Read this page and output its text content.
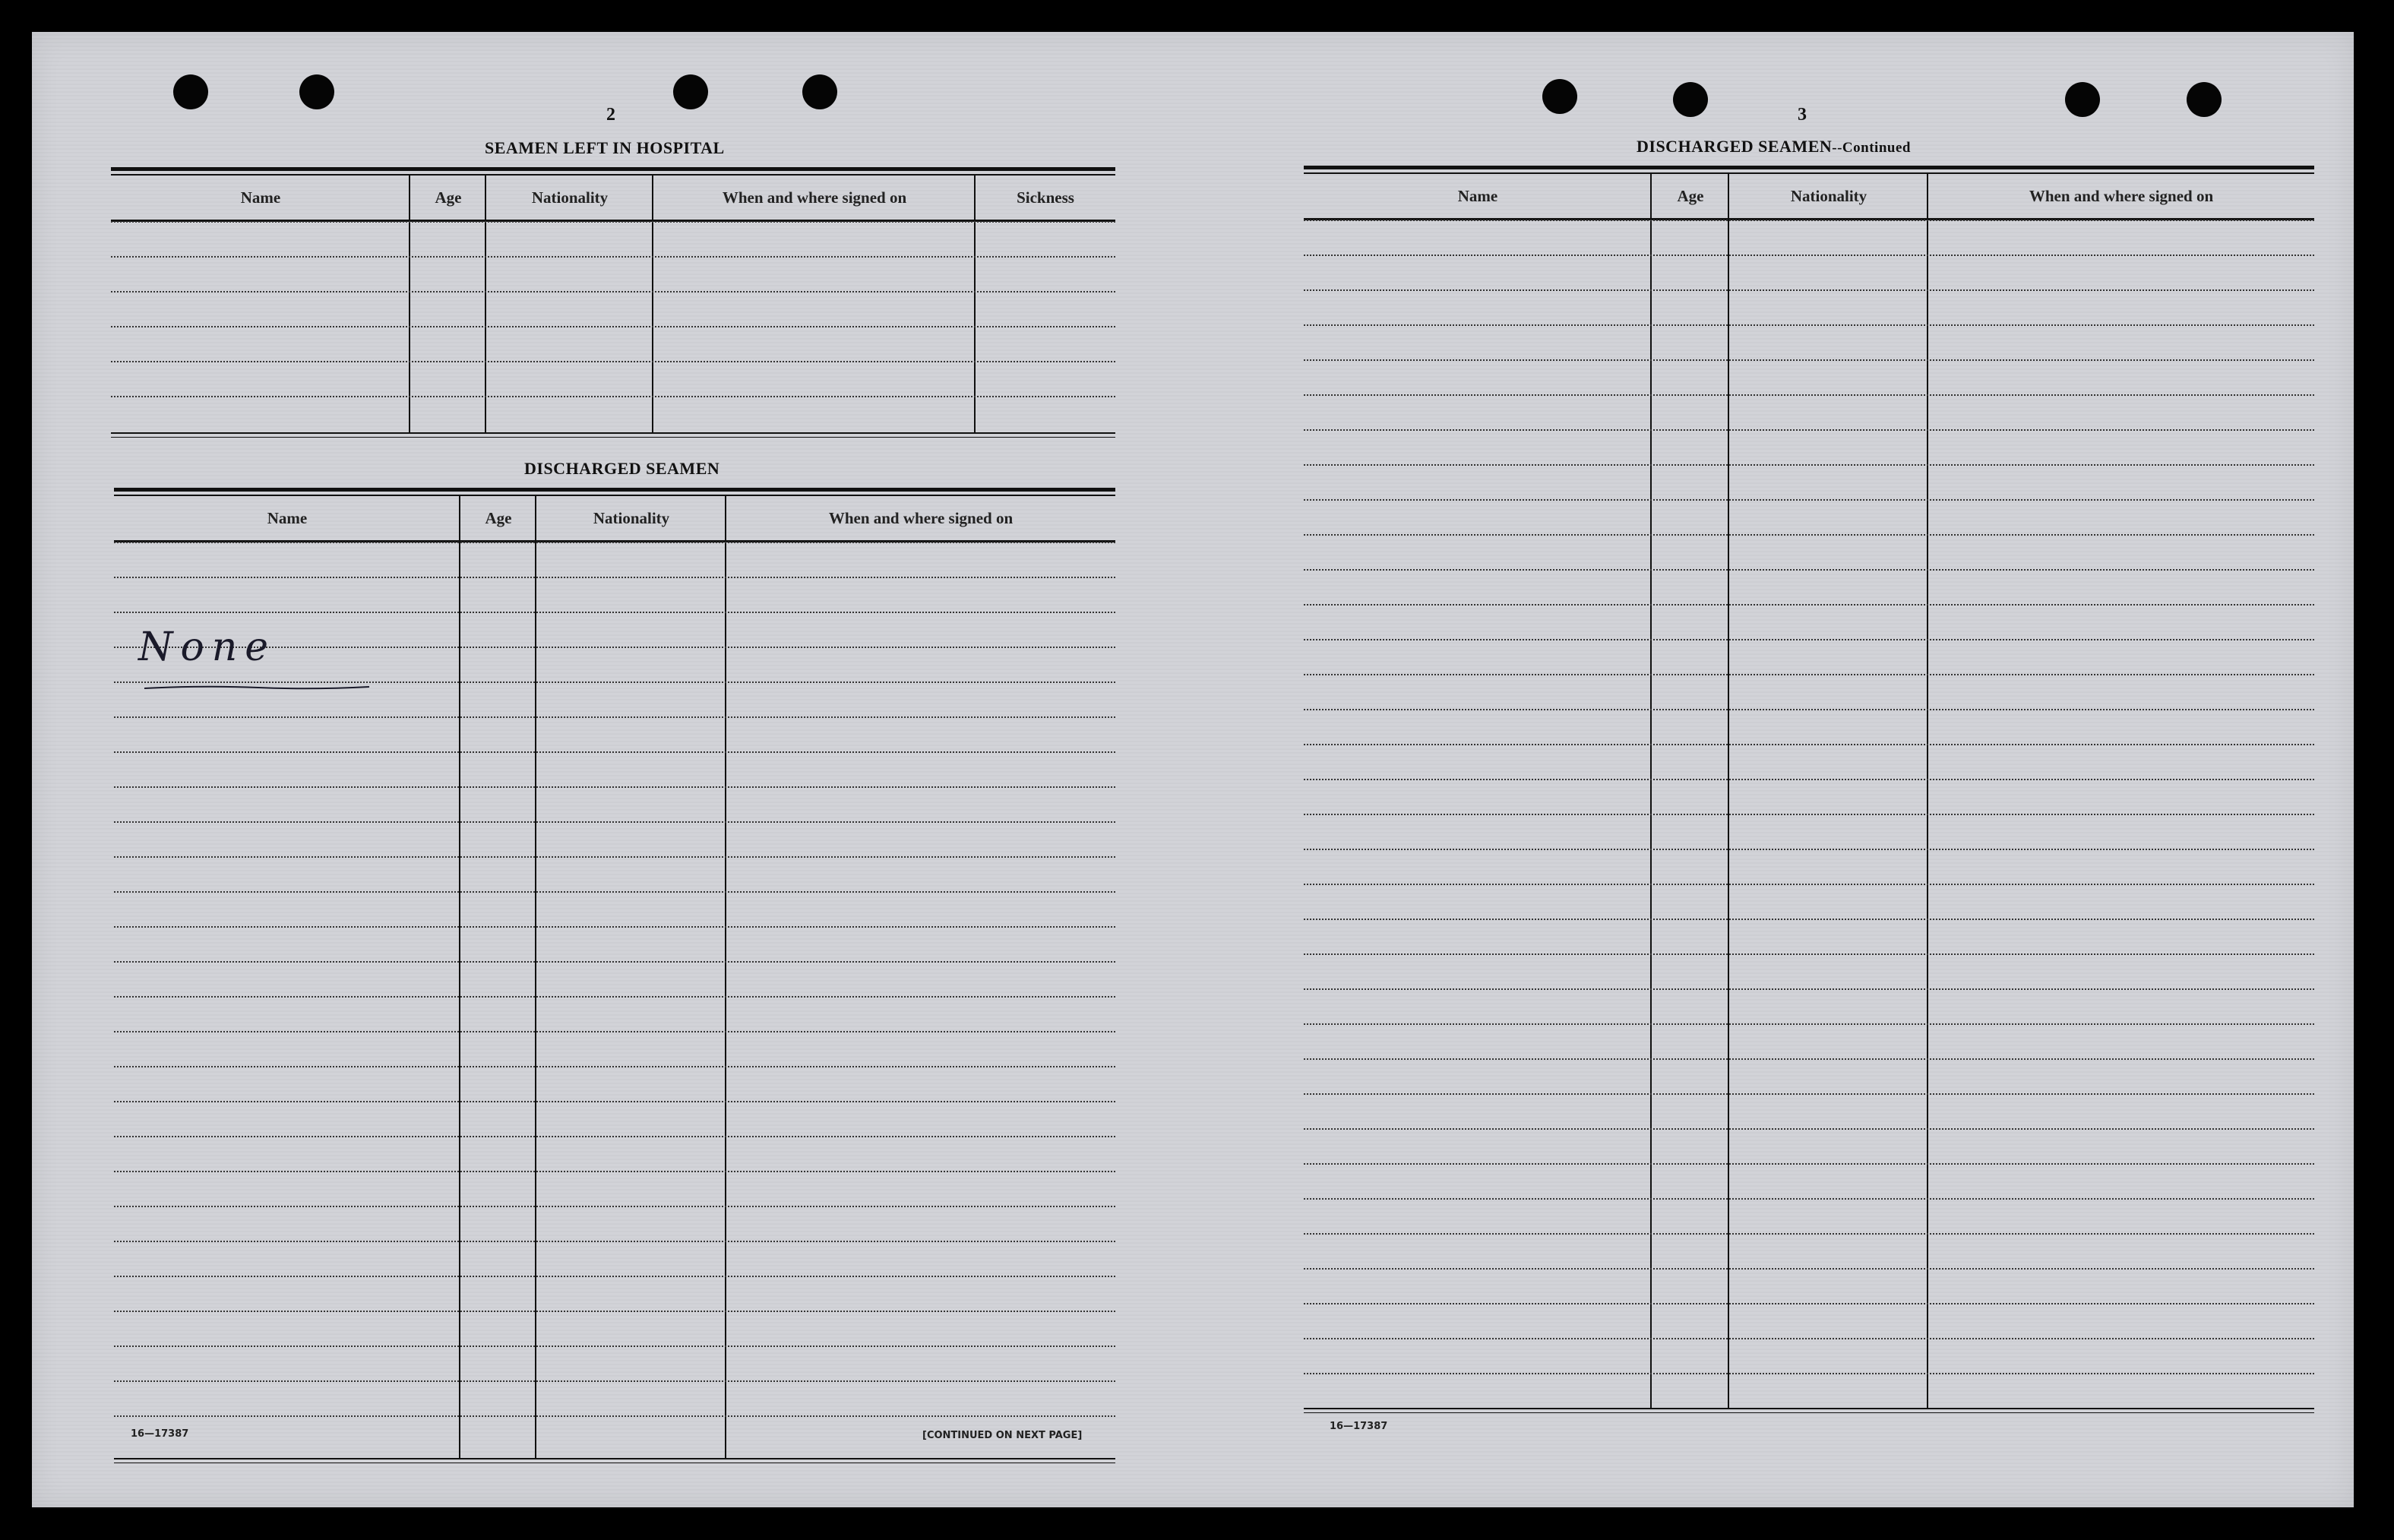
2
SEAMEN LEFT IN HOSPITAL
Name	Age	Nationality	When and where signed on	Sickness
DISCHARGED SEAMEN
Name	Age	Nationality	When and where signed on
None
16—17387	[CONTINUED ON NEXT PAGE]
3
DISCHARGED SEAMEN--Continued
Name	Age	Nationality	When and where signed on
16—17387
